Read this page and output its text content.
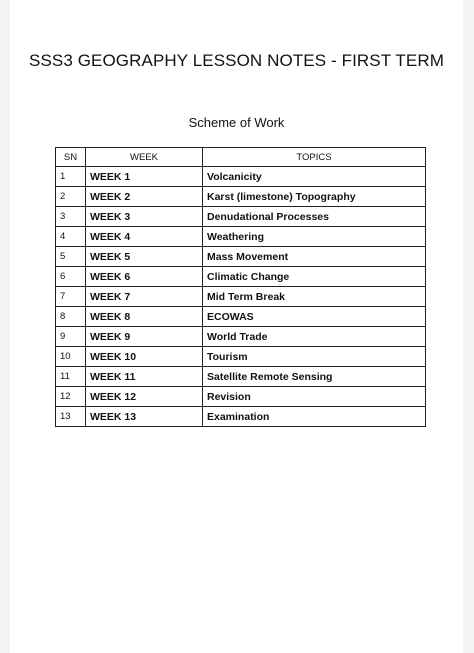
SSS3 GEOGRAPHY LESSON NOTES - FIRST TERM
Scheme of Work
SN	WEEK	TOPICS
1	WEEK 1	Volcanicity
2	WEEK 2	Karst (limestone) Topography
3	WEEK 3	Denudational Processes
4	WEEK 4	Weathering
5	WEEK 5	Mass Movement
6	WEEK 6	Climatic Change
7	WEEK 7	Mid Term Break
8	WEEK 8	ECOWAS
9	WEEK 9	World Trade
10	WEEK 10	Tourism
11	WEEK 11	Satellite Remote Sensing
12	WEEK 12	Revision
13	WEEK 13	Examination
